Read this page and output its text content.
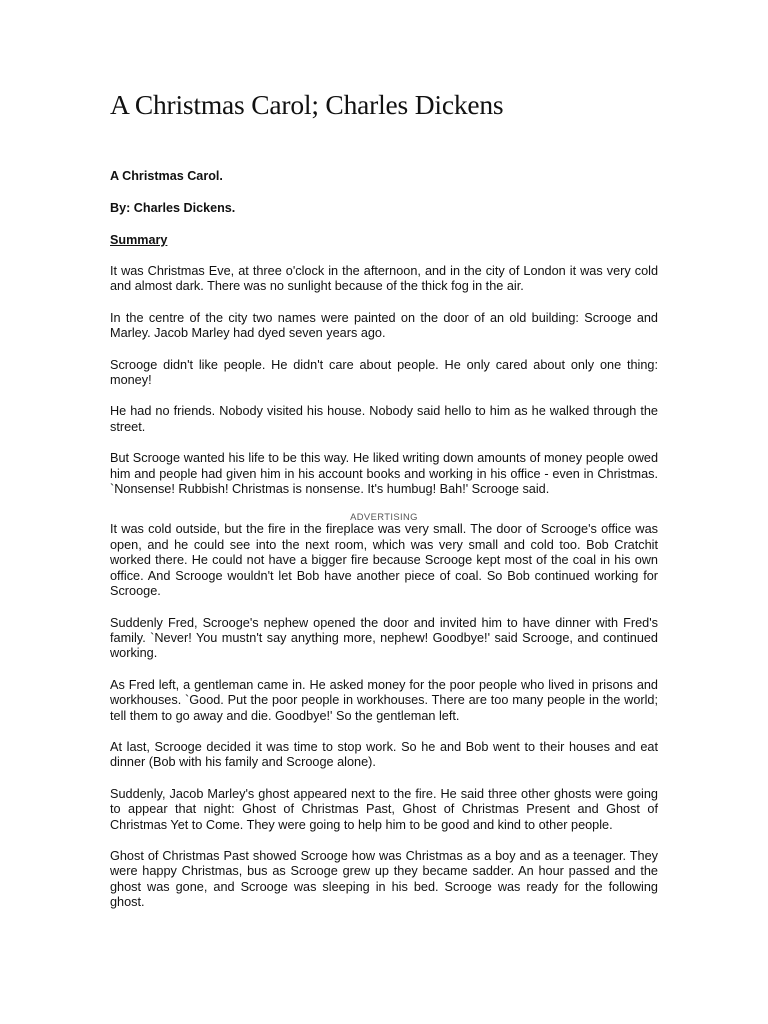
A Christmas Carol; Charles Dickens

A Christmas Carol.

By: Charles Dickens.

Summary

It was Christmas Eve, at three o'clock in the afternoon, and in the city of London it was very cold and almost dark. There was no sunlight because of the thick fog in the air.

In the centre of the city two names were painted on the door of an old building: Scrooge and Marley. Jacob Marley had dyed seven years ago.

Scrooge didn't like people. He didn't care about people. He only cared about only one thing: money!

He had no friends. Nobody visited his house. Nobody said hello to him as he walked through the street.

But Scrooge wanted his life to be this way. He liked writing down amounts of money people owed him and people had given him in his account books and working in his office - even in Christmas. `Nonsense! Rubbish! Christmas is nonsense. It's humbug! Bah!' Scrooge said.

ADVERTISING

It was cold outside, but the fire in the fireplace was very small. The door of Scrooge's office was open, and he could see into the next room, which was very small and cold too. Bob Cratchit worked there. He could not have a bigger fire because Scrooge kept most of the coal in his own office. And Scrooge wouldn't let Bob have another piece of coal. So Bob continued working for Scrooge.

Suddenly Fred, Scrooge's nephew opened the door and invited him to have dinner with Fred's family. `Never! You mustn't say anything more, nephew! Goodbye!' said Scrooge, and continued working.

As Fred left, a gentleman came in. He asked money for the poor people who lived in prisons and workhouses. `Good. Put the poor people in workhouses. There are too many people in the world; tell them to go away and die. Goodbye!' So the gentleman left.

At last, Scrooge decided it was time to stop work. So he and Bob went to their houses and eat dinner (Bob with his family and Scrooge alone).

Suddenly, Jacob Marley's ghost appeared next to the fire. He said three other ghosts were going to appear that night: Ghost of Christmas Past, Ghost of Christmas Present and Ghost of Christmas Yet to Come. They were going to help him to be good and kind to other people.

Ghost of Christmas Past showed Scrooge how was Christmas as a boy and as a teenager. They were happy Christmas, bus as Scrooge grew up they became sadder. An hour passed and the ghost was gone, and Scrooge was sleeping in his bed. Scrooge was ready for the following ghost.
